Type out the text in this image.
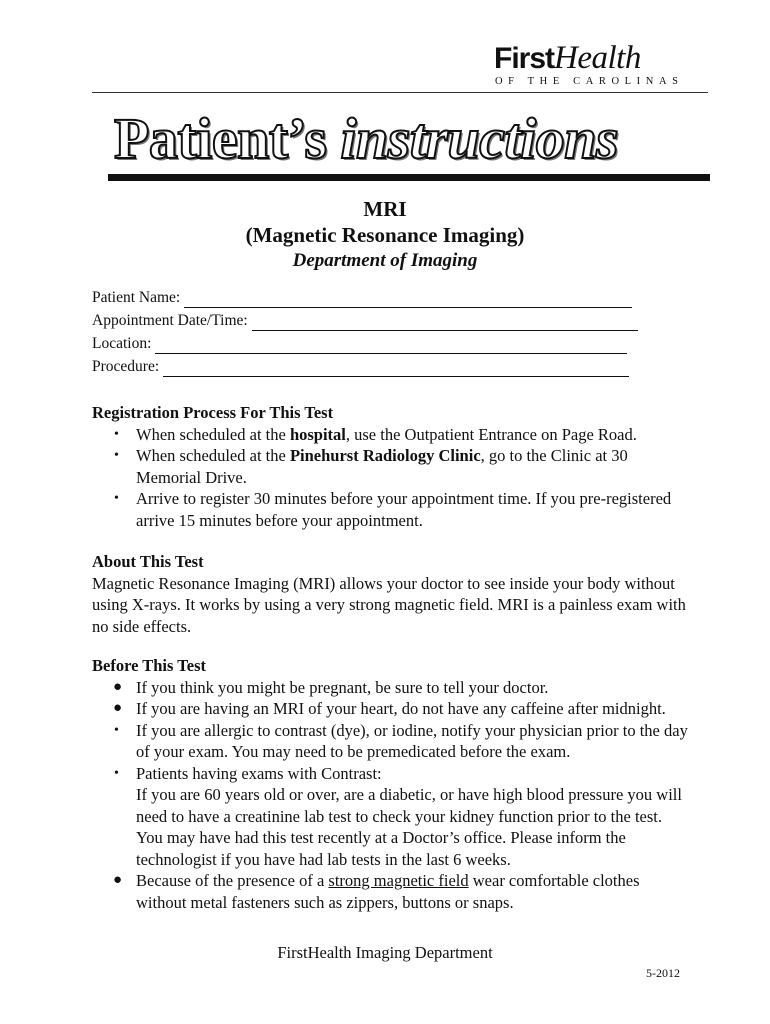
FirstHealth
OF THE CAROLINAS
Patient’s instructions
MRI
(Magnetic Resonance Imaging)
Department of Imaging
Patient Name:
Appointment Date/Time:
Location:
Procedure:
Registration Process For This Test
• When scheduled at the hospital, use the Outpatient Entrance on Page Road.
• When scheduled at the Pinehurst Radiology Clinic, go to the Clinic at 30 Memorial Drive.
• Arrive to register 30 minutes before your appointment time. If you pre-registered arrive 15 minutes before your appointment.
About This Test
Magnetic Resonance Imaging (MRI) allows your doctor to see inside your body without using X-rays. It works by using a very strong magnetic field. MRI is a painless exam with no side effects.
Before This Test
● If you think you might be pregnant, be sure to tell your doctor.
● If you are having an MRI of your heart, do not have any caffeine after midnight.
• If you are allergic to contrast (dye), or iodine, notify your physician prior to the day of your exam. You may need to be premedicated before the exam.
• Patients having exams with Contrast:
If you are 60 years old or over, are a diabetic, or have high blood pressure you will need to have a creatinine lab test to check your kidney function prior to the test. You may have had this test recently at a Doctor’s office. Please inform the technologist if you have had lab tests in the last 6 weeks.
● Because of the presence of a strong magnetic field wear comfortable clothes without metal fasteners such as zippers, buttons or snaps.
FirstHealth Imaging Department
5-2012
